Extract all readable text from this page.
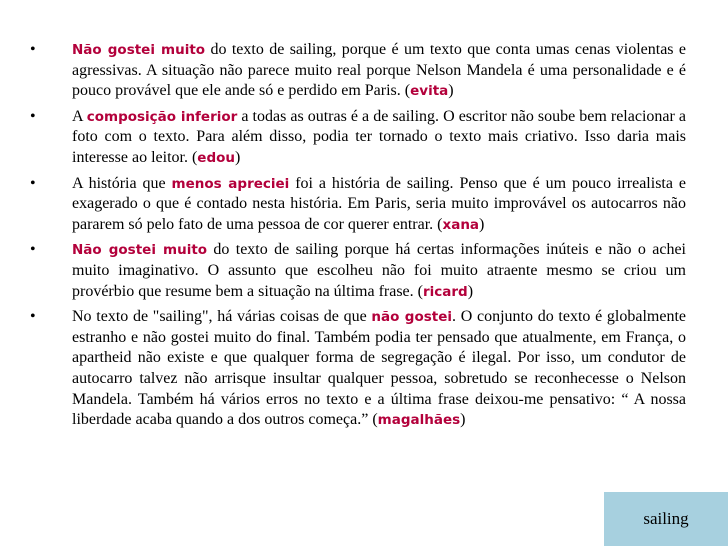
•	Não gostei muito do texto de sailing, porque é um texto que conta umas cenas violentas e agressivas. A situação não parece muito real porque Nelson Mandela é uma personalidade e é pouco provável que ele ande só e perdido em Paris. (evita)
• A composição inferior a todas as outras é a de sailing. O escritor não soube bem relacionar a foto com o texto. Para além disso, podia ter tornado o texto mais criativo. Isso daria mais interesse ao leitor. (edou)
• A história que menos apreciei foi a história de sailing. Penso que é um pouco irrealista e exagerado o que é contado nesta história. Em Paris, seria muito improvável os autocarros não pararem só pelo fato de uma pessoa de cor querer entrar. (xana)
•	Não gostei muito do texto de sailing porque há certas informações inúteis e não o achei muito imaginativo. O assunto que escolheu não foi muito atraente mesmo se criou um provérbio que resume bem a situação na última frase. (ricard)
• No texto de "sailing", há várias coisas de que não gostei. O conjunto do texto é globalmente estranho e não gostei muito do final. Também podia ter pensado que atualmente, em França, o apartheid não existe e que qualquer forma de segregação é ilegal. Por isso, um condutor de autocarro talvez não arrisque insultar qualquer pessoa, sobretudo se reconhecesse o Nelson Mandela. Também há vários erros no texto e a última frase deixou-me pensativo: “ A nossa liberdade acaba quando a dos outros começa.” (magalhães)
sailing
